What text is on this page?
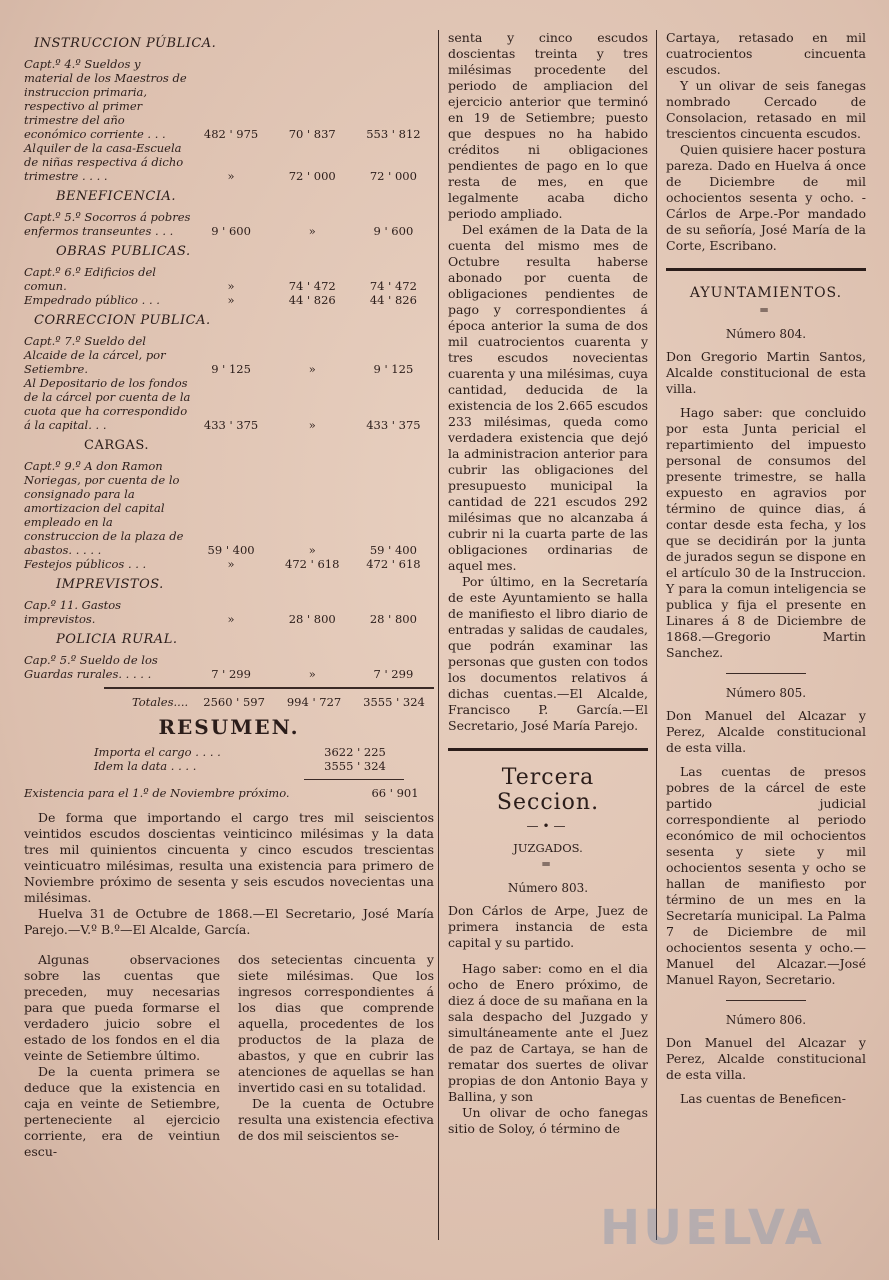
INSTRUCCION PÚBLICA.
Capt.º 4.º Sueldos y material de los Maestros de instruccion primaria, respectivo al primer trimestre del año económico corriente . . .	482 ' 975	70 ' 837	553 ' 812
Alquiler de la casa-Escuela de niñas respectiva á dicho trimestre . . . .	»	72 ' 000	72 ' 000
BENEFICENCIA.
Capt.º 5.º Socorros á pobres enfermos transeuntes . . .	9 ' 600	»	9 ' 600
OBRAS PUBLICAS.
Capt.º 6.º Edificios del comun.	»	74 ' 472	74 ' 472
Empedrado público . . .	»	44 ' 826	44 ' 826
CORRECCION PUBLICA.
Capt.º 7.º Sueldo del Alcaide de la cárcel, por Setiembre.	9 ' 125	»	9 ' 125
Al Depositario de los fondos de la cárcel por cuenta de la cuota que ha correspondido á la capital. . .	433 ' 375	»	433 ' 375
CARGAS.
Capt.º 9.º A don Ramon Noriegas, por cuenta de lo consignado para la amortizacion del capital empleado en la construccion de la plaza de abastos. . . . .	59 ' 400	»	59 ' 400
Festejos públicos . . .	»	472 ' 618	472 ' 618
IMPREVISTOS.
Cap.º 11. Gastos imprevistos.	»	28 ' 800	28 ' 800
POLICIA RURAL.
Cap.º 5.º Sueldo de los Guardas rurales. . . . .	7 ' 299	»	7 ' 299
Totales....	2560 ' 597	994 ' 727	3555 ' 324
RESUMEN.
Importa el cargo . . . .	3622 ' 225
Idem la data . . . .	3555 ' 324
Existencia para el 1.º de Noviembre próximo.	66 ' 901

De forma que importando el cargo tres mil seiscientos veintidos escudos doscientas veinticinco milésimas y la data tres mil quinientos cincuenta y cinco escudos trescientas veinticuatro milésimas, resulta una existencia para primero de Noviembre próximo de sesenta y seis escudos novecientas una milésimas.

Huelva 31 de Octubre de 1868.—El Secretario, José María Parejo.—V.º B.º—El Alcalde, García.

Algunas observaciones sobre las cuentas que preceden, muy necesarias para que pueda formarse el verdadero juicio sobre el estado de los fondos en el dia veinte de Setiembre último.

De la cuenta primera se deduce que la existencia en caja en veinte de Setiembre, perteneciente al ejercicio corriente, era de veintiun escu-

dos setecientas cincuenta y siete milésimas. Que los ingresos correspondientes á los dias que comprende aquella, procedentes de los productos de la plaza de abastos, y que en cubrir las atenciones de aquellas se han invertido casi en su totalidad.

De la cuenta de Octubre resulta una existencia efectiva de dos mil seiscientos se-

senta y cinco escudos doscientas treinta y tres milésimas procedente del periodo de ampliacion del ejercicio anterior que terminó en 19 de Setiembre; puesto que despues no ha habido créditos ni obligaciones pendientes de pago en lo que resta de mes, en que legalmente acaba dicho periodo ampliado.

Del exámen de la Data de la cuenta del mismo mes de Octubre resulta haberse abonado por cuenta de obligaciones pendientes de pago y correspondientes á época anterior la suma de dos mil cuatrocientos cuarenta y tres escudos novecientas cuarenta y una milésimas, cuya cantidad, deducida de la existencia de los 2.665 escudos 233 milésimas, queda como verdadera existencia que dejó la administracion anterior para cubrir las obligaciones del presupuesto municipal la cantidad de 221 escudos 292 milésimas que no alcanzaba á cubrir ni la cuarta parte de las obligaciones ordinarias de aquel mes.

Por último, en la Secretaría de este Ayuntamiento se halla de manifiesto el libro diario de entradas y salidas de caudales, que podrán examinar las personas que gusten con todos los documentos relativos á dichas cuentas.—El Alcalde, Francisco P. García.—El Secretario, José María Parejo.

Tercera Seccion.
—•—
JUZGADOS.
═
Número 803.

Don Cárlos de Arpe, Juez de primera instancia de esta capital y su partido.

Hago saber: como en el dia ocho de Enero próximo, de diez á doce de su mañana en la sala despacho del Juzgado y simultáneamente ante el Juez de paz de Cartaya, se han de rematar dos suertes de olivar propias de don Antonio Baya y Ballina, y son

Un olivar de ocho fanegas sitio de Soloy, ó término de

Cartaya, retasado en mil cuatrocientos cincuenta escudos.

Y un olivar de seis fanegas nombrado Cercado de Consolacion, retasado en mil trescientos cincuenta escudos.

Quien quisiere hacer postura pareza. Dado en Huelva á once de Diciembre de mil ochocientos sesenta y ocho. -Cárlos de Arpe.-Por mandado de su señoría, José María de la Corte, Escribano.

AYUNTAMIENTOS.
═
Número 804.

Don Gregorio Martin Santos, Alcalde constitucional de esta villa.

Hago saber: que concluido por esta Junta pericial el repartimiento del impuesto personal de consumos del presente trimestre, se halla expuesto en agravios por término de quince dias, á contar desde esta fecha, y los que se decidirán por la junta de jurados segun se dispone en el artículo 30 de la Instruccion. Y para la comun inteligencia se publica y fija el presente en Linares á 8 de Diciembre de 1868.—Gregorio Martin Sanchez.

Número 805.

Don Manuel del Alcazar y Perez, Alcalde constitucional de esta villa.

Las cuentas de presos pobres de la cárcel de este partido judicial correspondiente al periodo económico de mil ochocientos sesenta y siete y mil ochocientos sesenta y ocho se hallan de manifiesto por término de un mes en la Secretaría municipal. La Palma 7 de Diciembre de mil ochocientos sesenta y ocho.—Manuel del Alcazar.—José Manuel Rayon, Secretario.

Número 806.

Don Manuel del Alcazar y Perez, Alcalde constitucional de esta villa.

Las cuentas de Beneficen-

HUELVA
